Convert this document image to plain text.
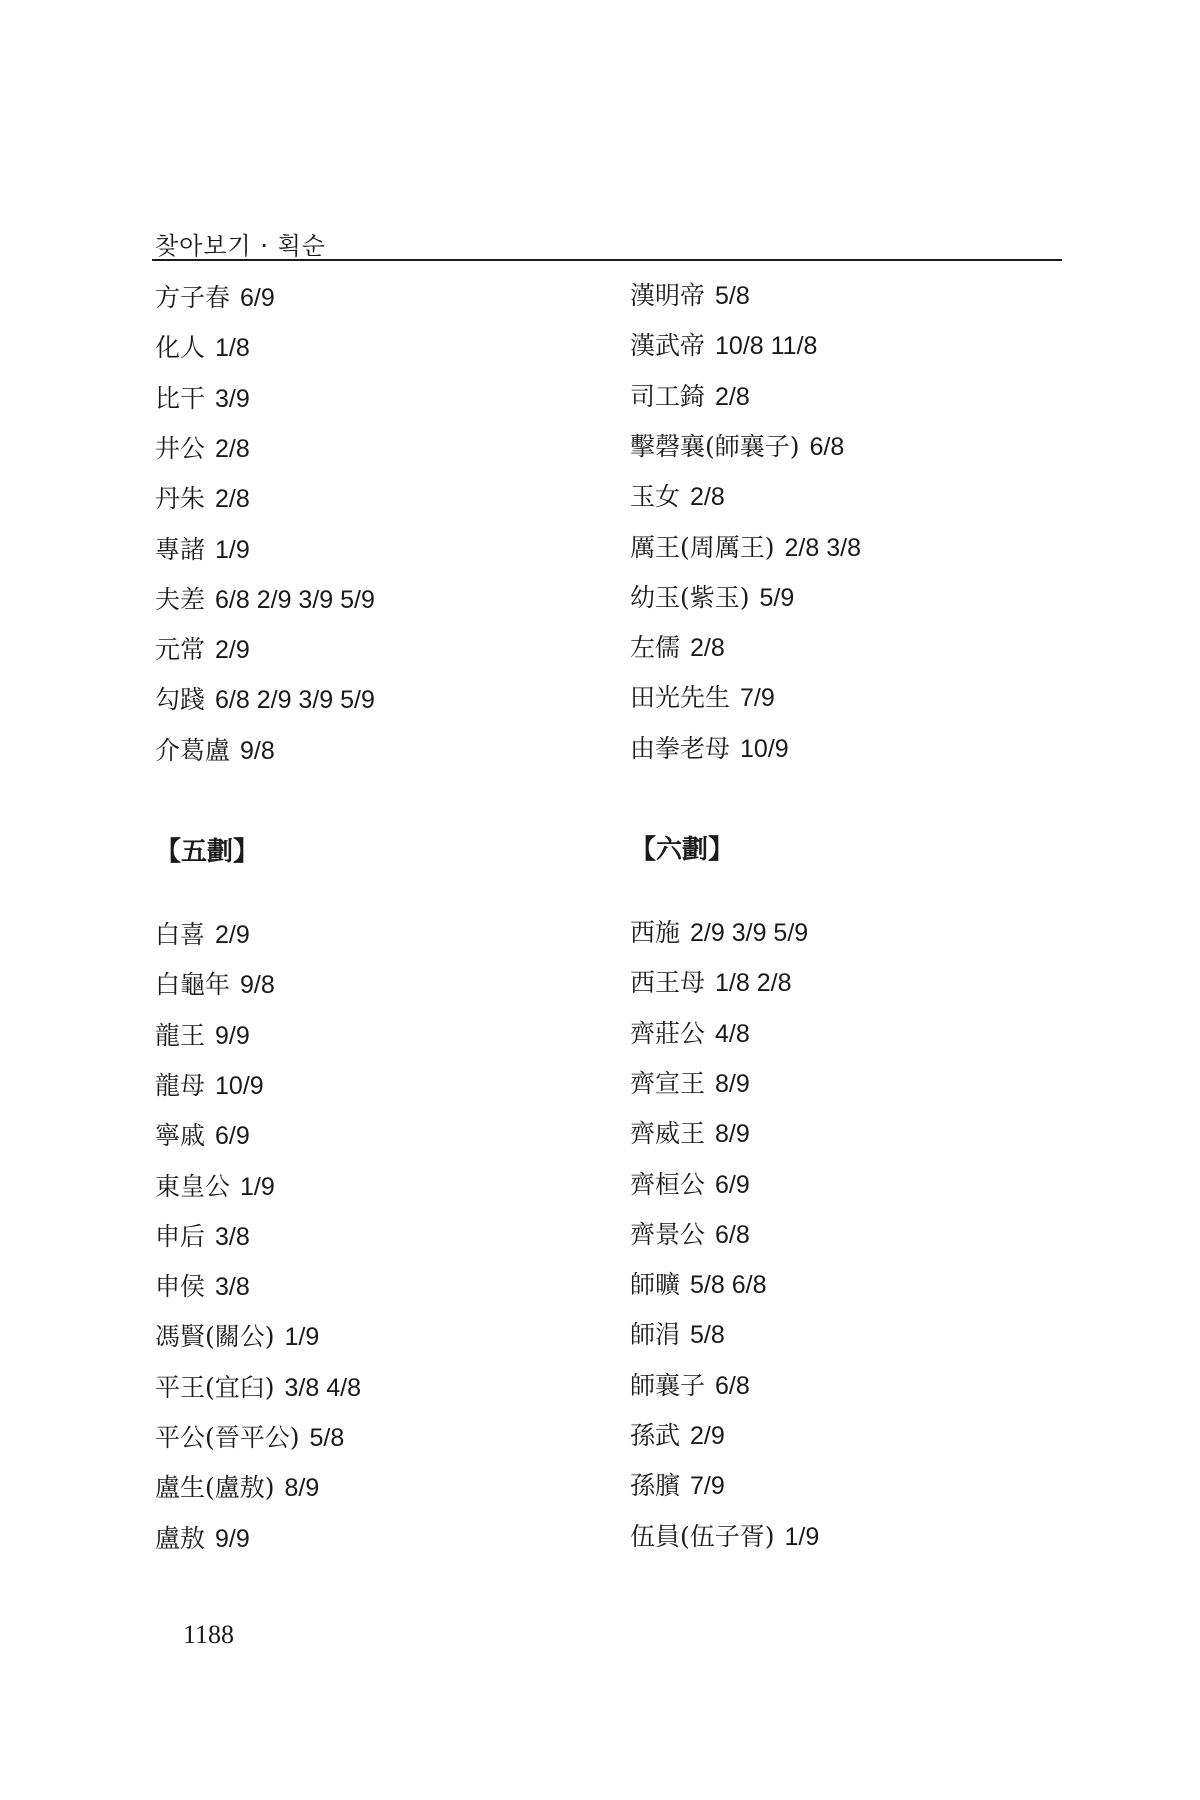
찾아보기 · 획순
方子春 6/9
化人 1/8
比干 3/9
井公 2/8
丹朱 2/8
專諸 1/9
夫差 6/8 2/9 3/9 5/9
元常 2/9
勾踐 6/8 2/9 3/9 5/9
介葛盧 9/8
【五劃】
白喜 2/9
白龜年 9/8
龍王 9/9
龍母 10/9
寧戚 6/9
東皇公 1/9
申后 3/8
申侯 3/8
馮賢(關公) 1/9
平王(宜臼) 3/8 4/8
平公(晉平公) 5/8
盧生(盧敖) 8/9
盧敖 9/9
漢明帝 5/8
漢武帝 10/8 11/8
司工錡 2/8
擊磬襄(師襄子) 6/8
玉女 2/8
厲王(周厲王) 2/8 3/8
幼玉(紫玉) 5/9
左儒 2/8
田光先生 7/9
由拳老母 10/9
【六劃】
西施 2/9 3/9 5/9
西王母 1/8 2/8
齊莊公 4/8
齊宣王 8/9
齊威王 8/9
齊桓公 6/9
齊景公 6/8
師曠 5/8 6/8
師涓 5/8
師襄子 6/8
孫武 2/9
孫臏 7/9
伍員(伍子胥) 1/9
1188
